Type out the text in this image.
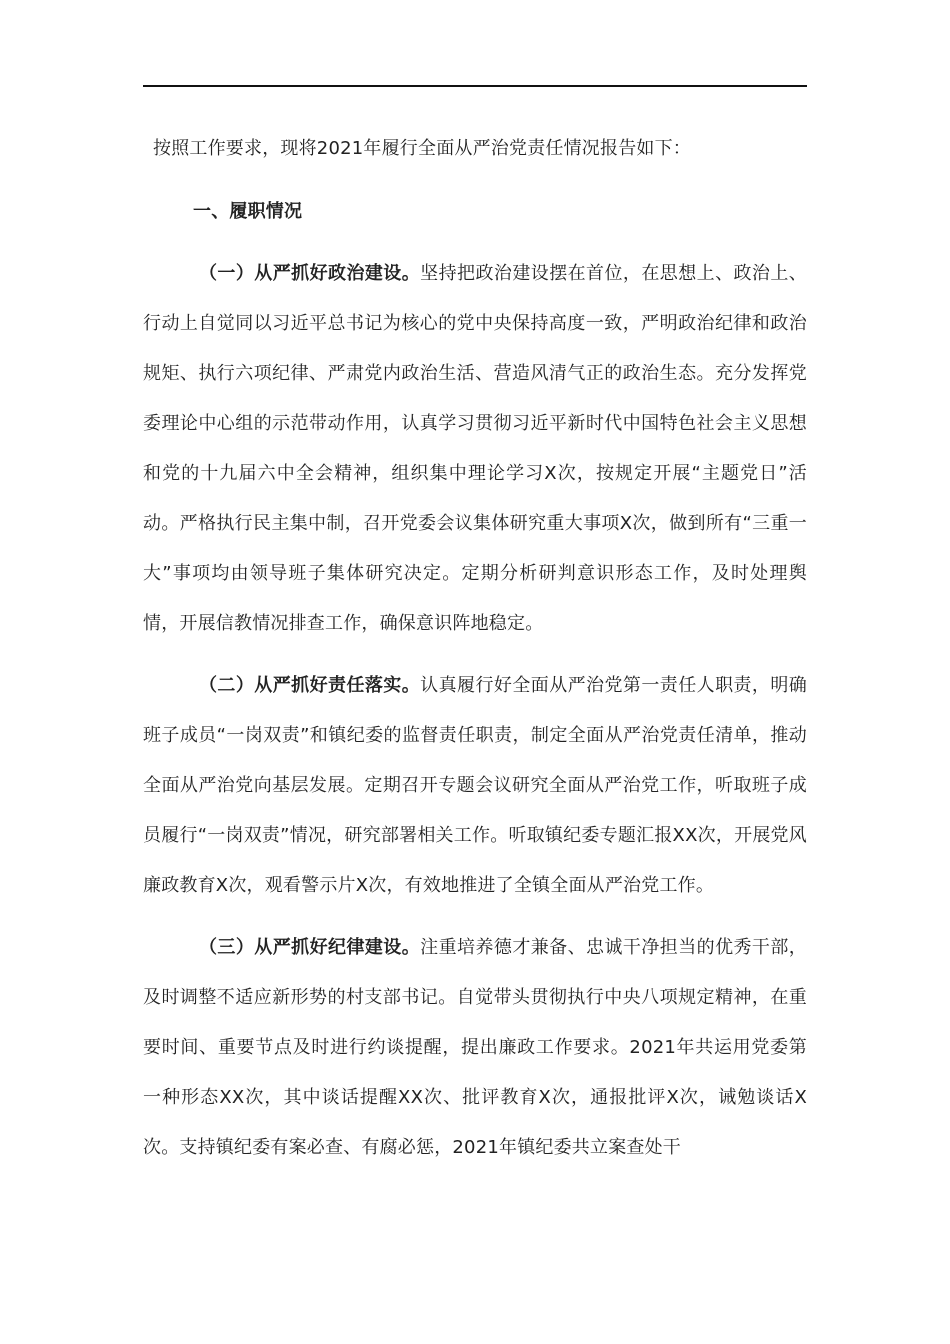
按照工作要求，现将2021年履行全面从严治党责任情况报告如下：

一、履职情况

（一）从严抓好政治建设。坚持把政治建设摆在首位，在思想上、政治上、行动上自觉同以习近平总书记为核心的党中央保持高度一致，严明政治纪律和政治规矩、执行六项纪律、严肃党内政治生活、营造风清气正的政治生态。充分发挥党委理论中心组的示范带动作用，认真学习贯彻习近平新时代中国特色社会主义思想和党的十九届六中全会精神，组织集中理论学习X次，按规定开展“主题党日”活动。严格执行民主集中制，召开党委会议集体研究重大事项X次，做到所有“三重一大”事项均由领导班子集体研究决定。定期分析研判意识形态工作，及时处理舆情，开展信教情况排查工作，确保意识阵地稳定。

（二）从严抓好责任落实。认真履行好全面从严治党第一责任人职责，明确班子成员“一岗双责”和镇纪委的监督责任职责，制定全面从严治党责任清单，推动全面从严治党向基层发展。定期召开专题会议研究全面从严治党工作，听取班子成员履行“一岗双责”情况，研究部署相关工作。听取镇纪委专题汇报XX次，开展党风廉政教育X次，观看警示片X次，有效地推进了全镇全面从严治党工作。

（三）从严抓好纪律建设。注重培养德才兼备、忠诚干净担当的优秀干部，及时调整不适应新形势的村支部书记。自觉带头贯彻执行中央八项规定精神，在重要时间、重要节点及时进行约谈提醒，提出廉政工作要求。2021年共运用党委第一种形态XX次，其中谈话提醒XX次、批评教育X次，通报批评X次，诫勉谈话X次。支持镇纪委有案必查、有腐必惩，2021年镇纪委共立案查处干
